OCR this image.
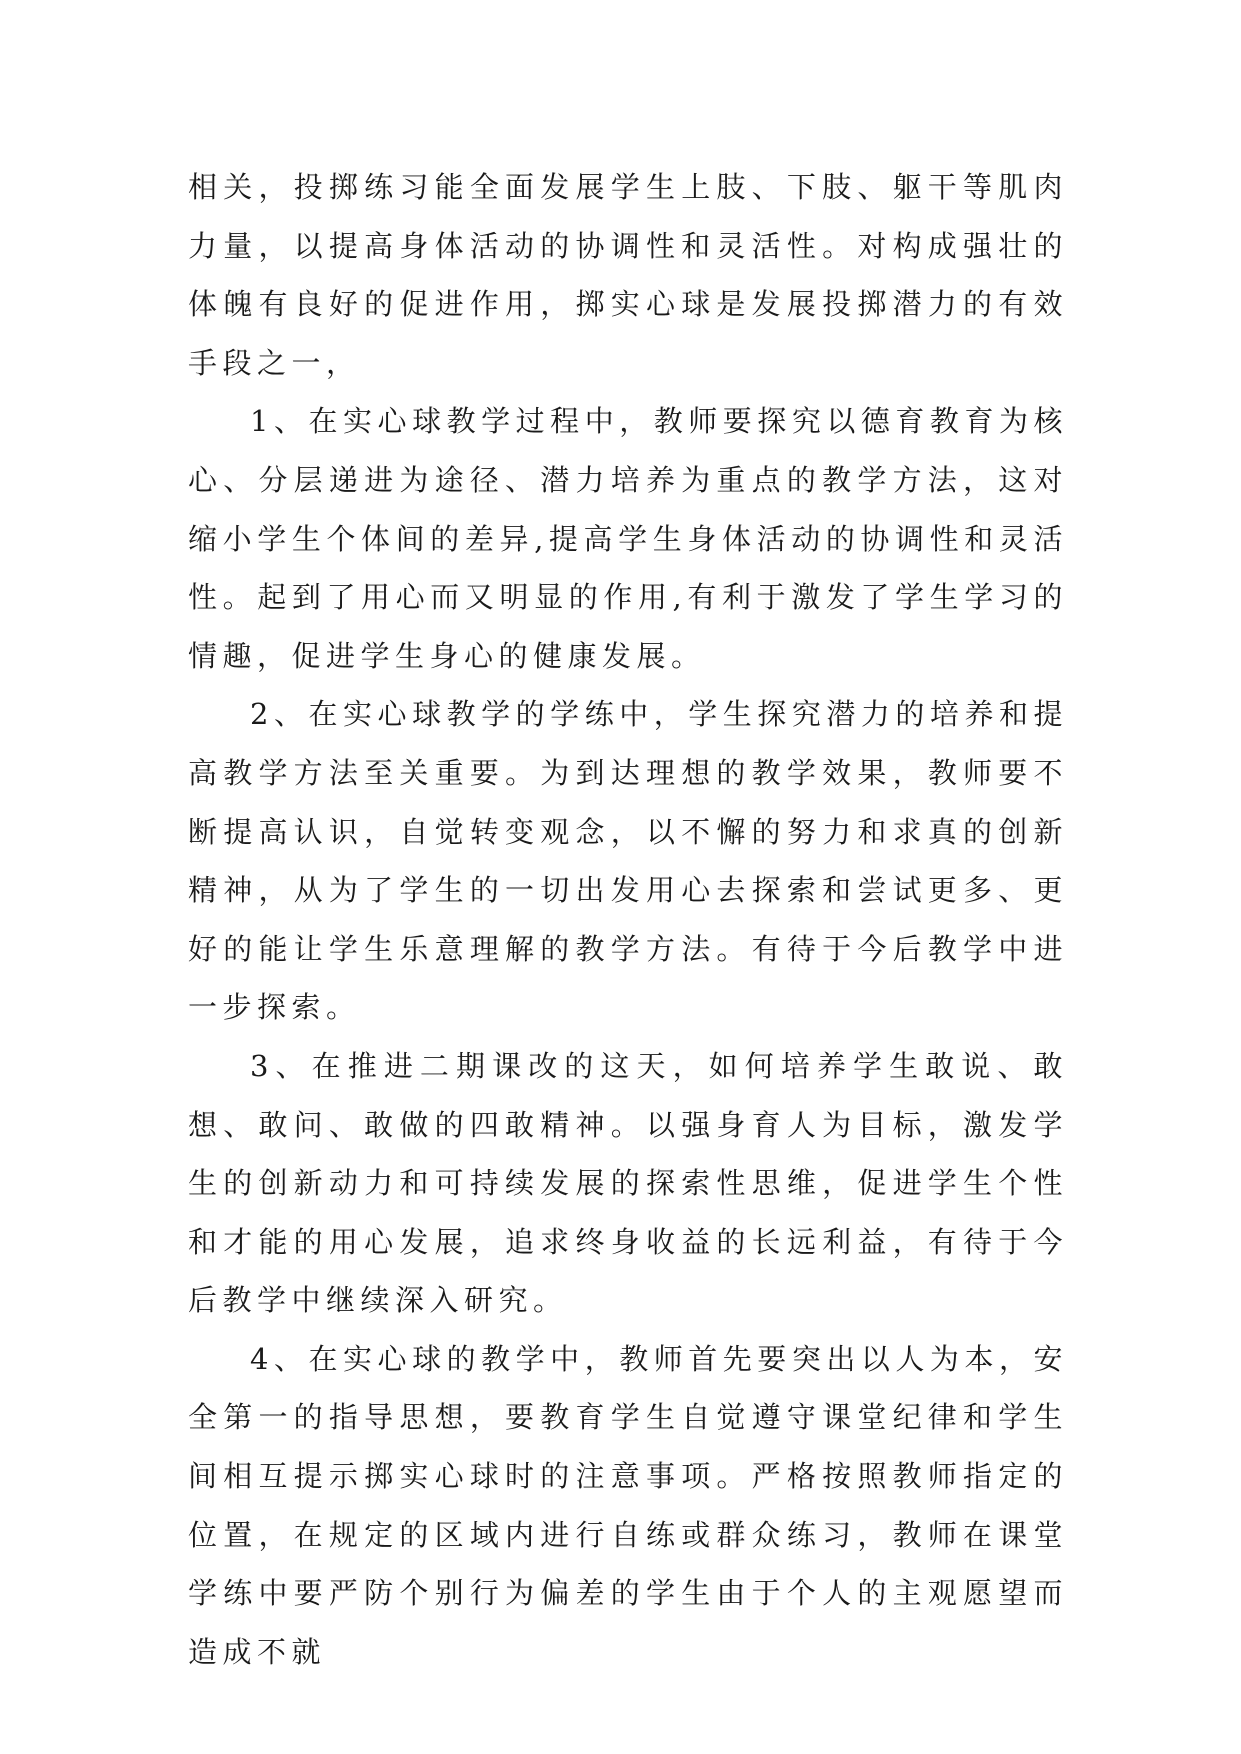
相关，投掷练习能全面发展学生上肢、下肢、躯干等肌肉力量，以提高身体活动的协调性和灵活性。对构成强壮的体魄有良好的促进作用，掷实心球是发展投掷潜力的有效手段之一，

1、在实心球教学过程中，教师要探究以德育教育为核心、分层递进为途径、潜力培养为重点的教学方法，这对缩小学生个体间的差异,提高学生身体活动的协调性和灵活性。起到了用心而又明显的作用,有利于激发了学生学习的情趣，促进学生身心的健康发展。

2、在实心球教学的学练中，学生探究潜力的培养和提高教学方法至关重要。为到达理想的教学效果，教师要不断提高认识，自觉转变观念，以不懈的努力和求真的创新精神，从为了学生的一切出发用心去探索和尝试更多、更好的能让学生乐意理解的教学方法。有待于今后教学中进一步探索。

3、在推进二期课改的这天，如何培养学生敢说、敢想、敢问、敢做的四敢精神。以强身育人为目标，激发学生的创新动力和可持续发展的探索性思维，促进学生个性和才能的用心发展，追求终身收益的长远利益，有待于今后教学中继续深入研究。

4、在实心球的教学中，教师首先要突出以人为本，安全第一的指导思想，要教育学生自觉遵守课堂纪律和学生间相互提示掷实心球时的注意事项。严格按照教师指定的位置，在规定的区域内进行自练或群众练习，教师在课堂学练中要严防个别行为偏差的学生由于个人的主观愿望而造成不就
